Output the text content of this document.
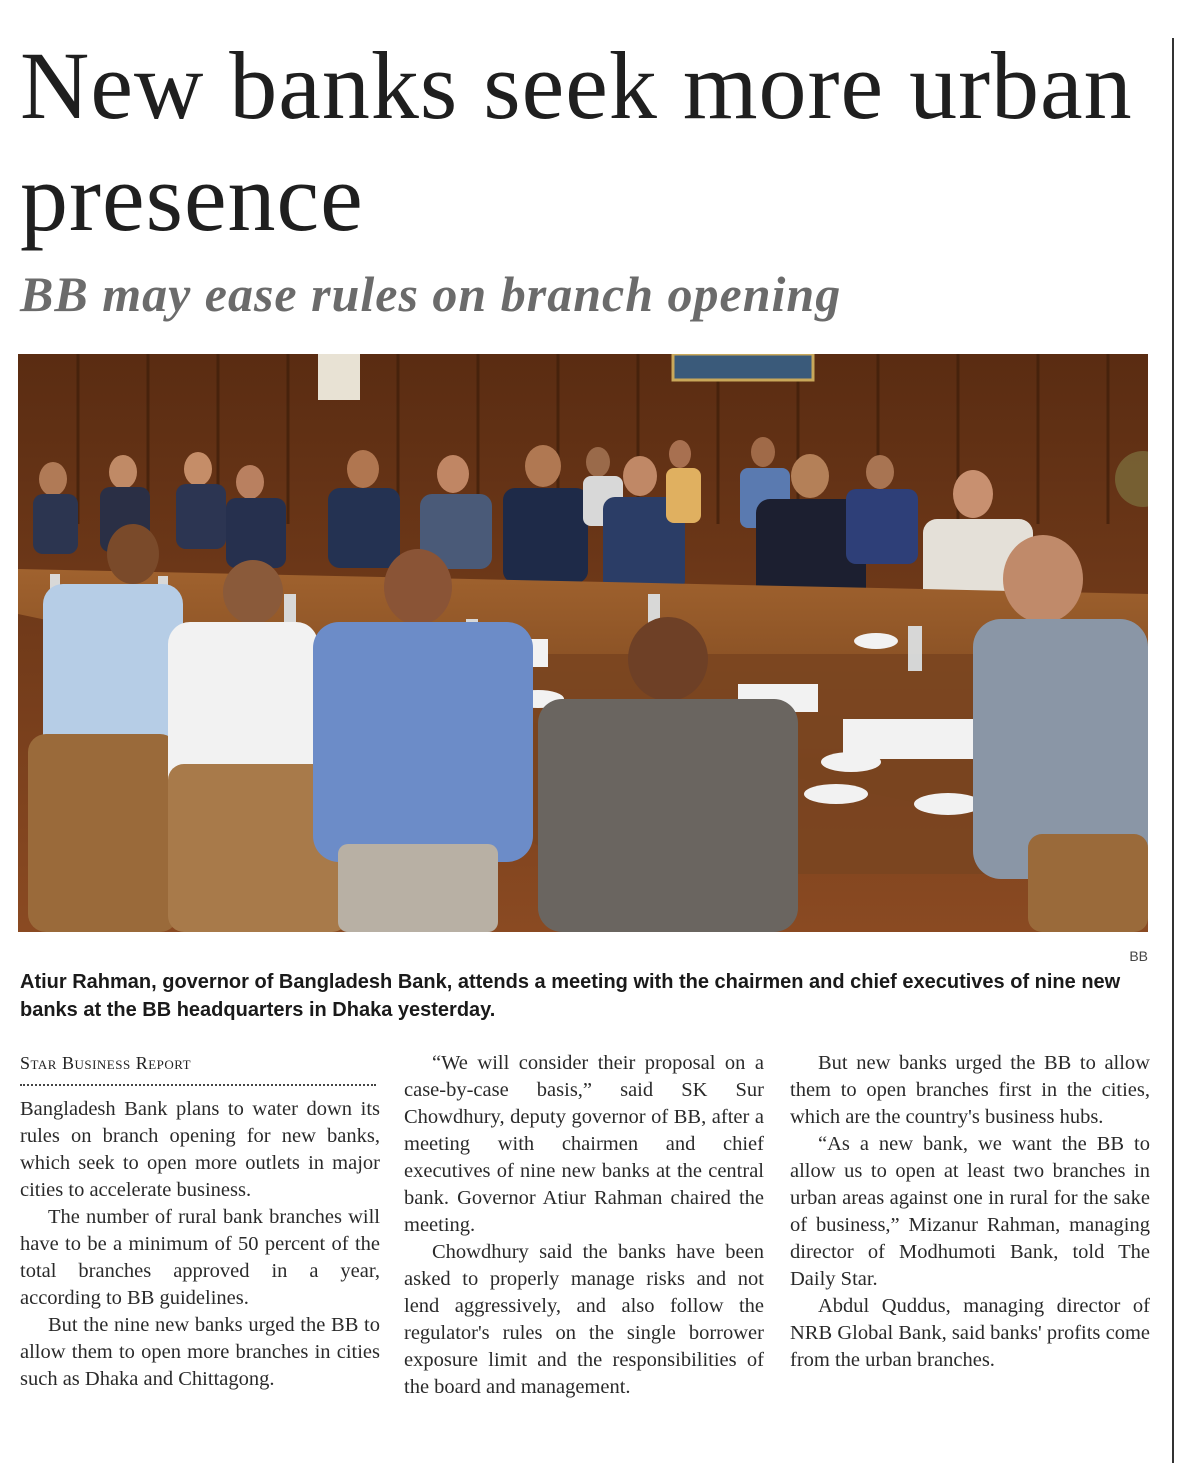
New banks seek more urban presence
BB may ease rules on branch opening
BB

Atiur Rahman, governor of Bangladesh Bank, attends a meeting with the chairmen and chief executives of nine new banks at the BB headquarters in Dhaka yesterday.

Star Business Report

Bangladesh Bank plans to water down its rules on branch opening for new banks, which seek to open more outlets in major cities to accelerate business.

The number of rural bank branches will have to be a minimum of 50 percent of the total branches approved in a year, according to BB guidelines.

But the nine new banks urged the BB to allow them to open more branches in cities such as Dhaka and Chittagong.

“We will consider their proposal on a case-by-case basis,” said SK Sur Chowdhury, deputy governor of BB, after a meeting with chairmen and chief executives of nine new banks at the central bank. Governor Atiur Rahman chaired the meeting.

Chowdhury said the banks have been asked to properly manage risks and not lend aggressively, and also follow the regulator's rules on the single borrower exposure limit and the responsibilities of the board and management.

But new banks urged the BB to allow them to open branches first in the cities, which are the country's business hubs.

“As a new bank, we want the BB to allow us to open at least two branches in urban areas against one in rural for the sake of business,” Mizanur Rahman, managing director of Modhumoti Bank, told The Daily Star.

Abdul Quddus, managing director of NRB Global Bank, said banks' profits come from the urban branches.
